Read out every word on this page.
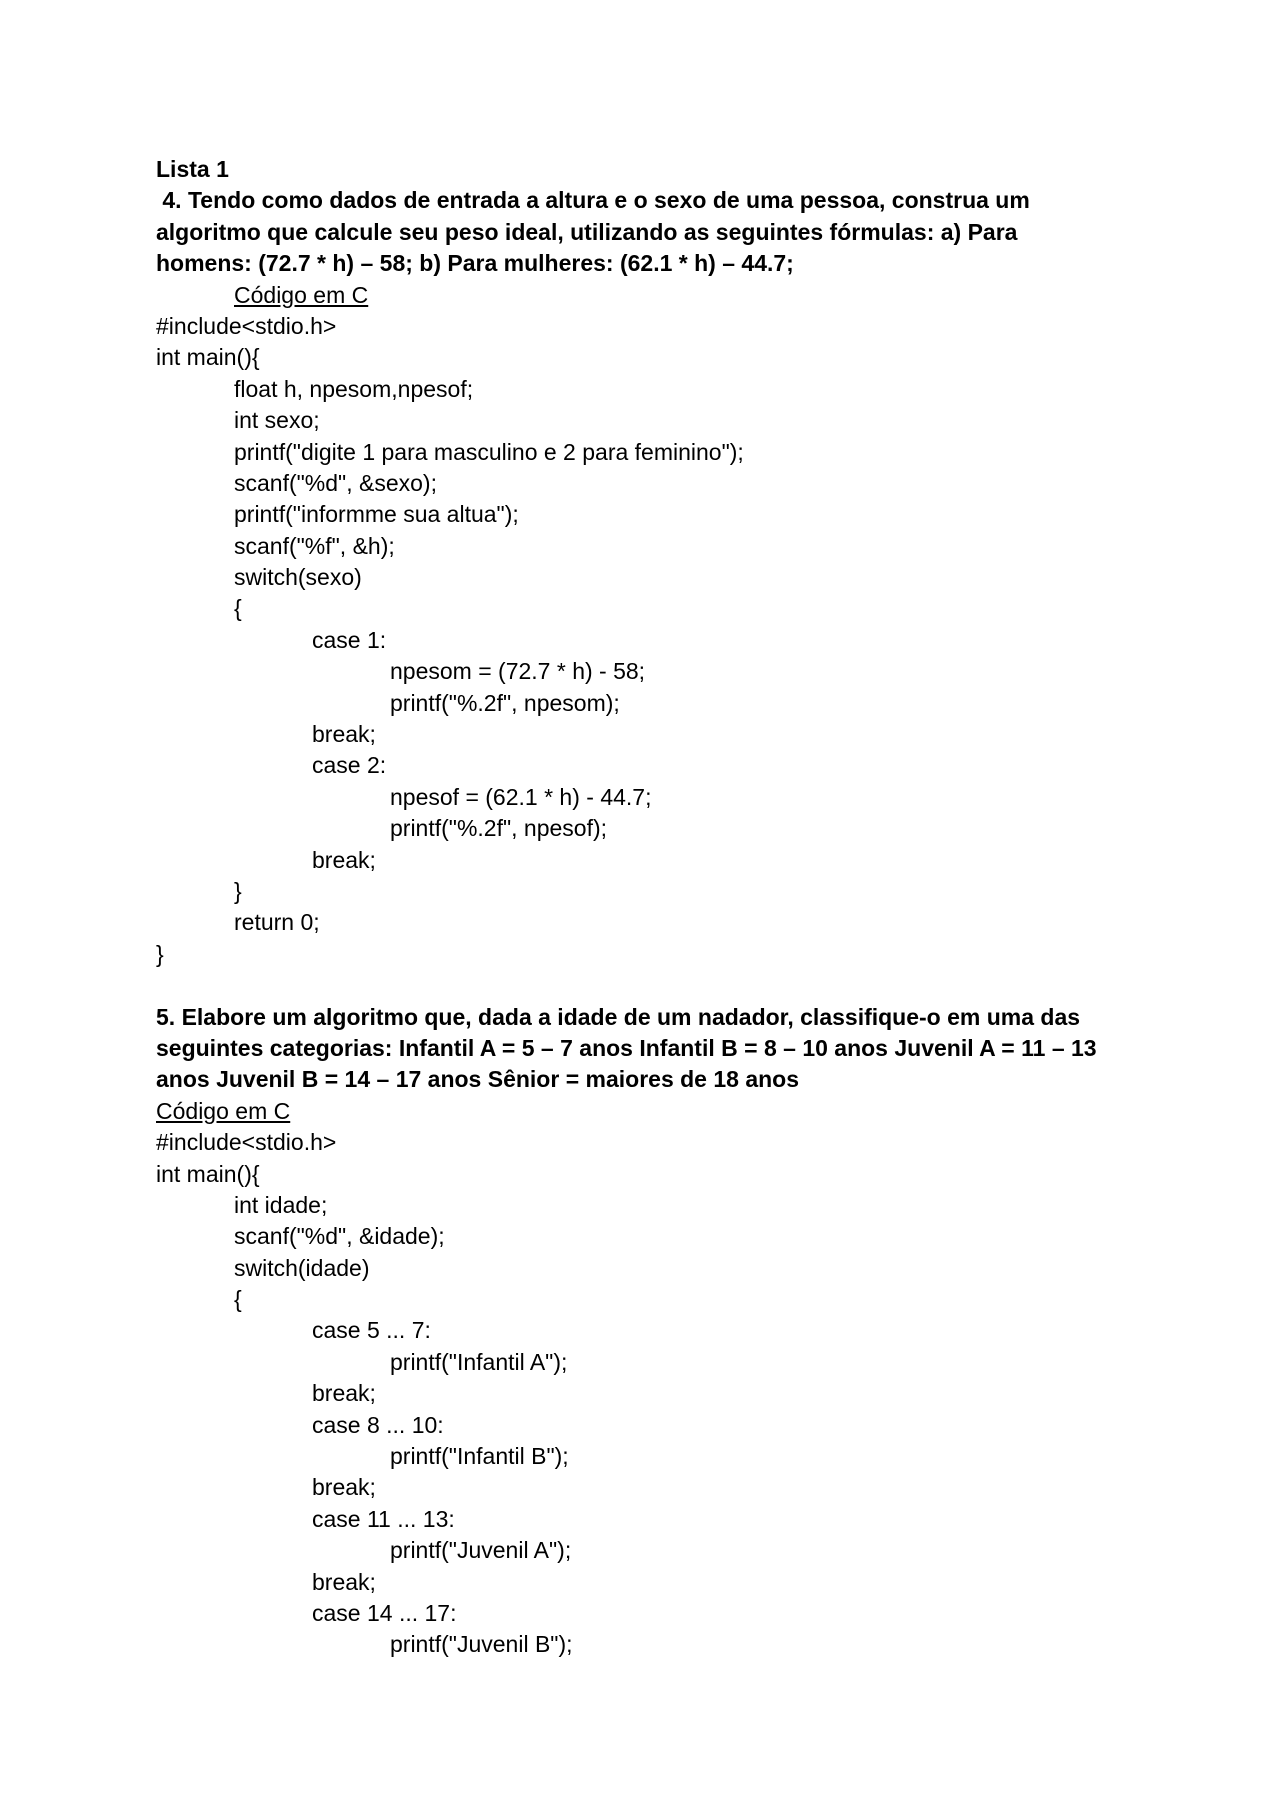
Lista 1
4. Tendo como dados de entrada a altura e o sexo de uma pessoa, construa um
algoritmo que calcule seu peso ideal, utilizando as seguintes fórmulas: a) Para
homens: (72.7 * h) – 58; b) Para mulheres: (62.1 * h) – 44.7;
Código em C
#include<stdio.h>
int main(){
float h, npesom,npesof;
int sexo;
printf("digite 1 para masculino e 2 para feminino");
scanf("%d", &sexo);
printf("informme sua altua");
scanf("%f", &h);
switch(sexo)
{
case 1:
npesom = (72.7 * h) - 58;
printf("%.2f", npesom);
break;
case 2:
npesof = (62.1 * h) - 44.7;
printf("%.2f", npesof);
break;
}
return 0;
}
5. Elabore um algoritmo que, dada a idade de um nadador, classifique-o em uma das
seguintes categorias: Infantil A = 5 – 7 anos Infantil B = 8 – 10 anos Juvenil A = 11 – 13
anos Juvenil B = 14 – 17 anos Sênior = maiores de 18 anos
Código em C
#include<stdio.h>
int main(){
int idade;
scanf("%d", &idade);
switch(idade)
{
case 5 ... 7:
printf("Infantil A");
break;
case 8 ... 10:
printf("Infantil B");
break;
case 11 ... 13:
printf("Juvenil A");
break;
case 14 ... 17:
printf("Juvenil B");
